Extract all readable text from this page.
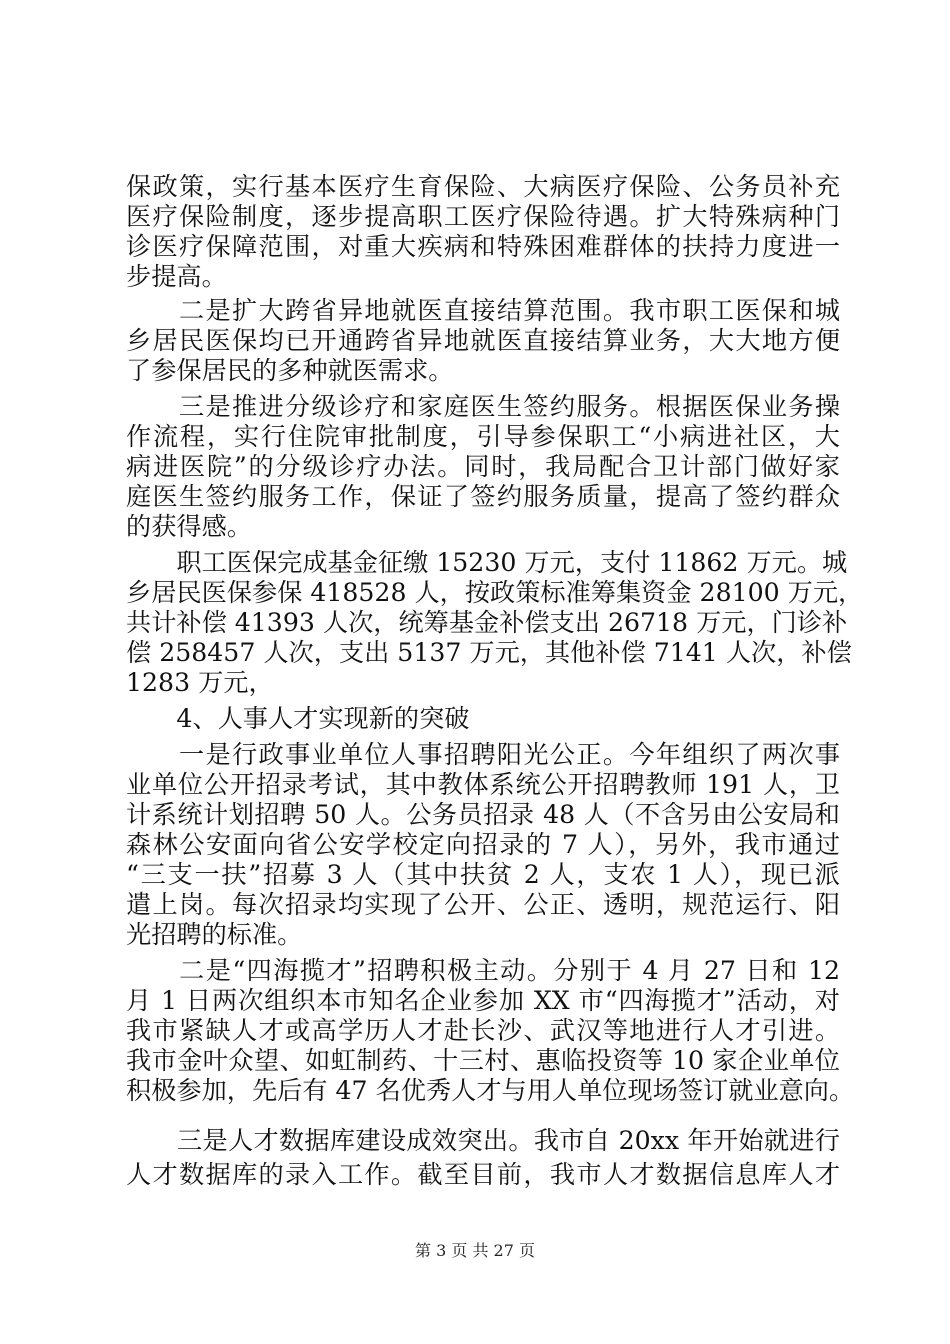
保政策，实行基本医疗生育保险、大病医疗保险、公务员补充
医疗保险制度，逐步提高职工医疗保险待遇。扩大特殊病种门
诊医疗保障范围，对重大疾病和特殊困难群体的扶持力度进一
步提高。
　　二是扩大跨省异地就医直接结算范围。我市职工医保和城
乡居民医保均已开通跨省异地就医直接结算业务，大大地方便
了参保居民的多种就医需求。
　　三是推进分级诊疗和家庭医生签约服务。根据医保业务操
作流程，实行住院审批制度，引导参保职工“小病进社区，大
病进医院”的分级诊疗办法。同时，我局配合卫计部门做好家
庭医生签约服务工作，保证了签约服务质量，提高了签约群众
的获得感。
　　职工医保完成基金征缴 15230 万元，支付 11862 万元。城
乡居民医保参保 418528 人，按政策标准筹集资金 28100 万元，
共计补偿 41393 人次，统筹基金补偿支出 26718 万元，门诊补
偿 258457 人次，支出 5137 万元，其他补偿 7141 人次，补偿
1283 万元，
　　4、人事人才实现新的突破
　　一是行政事业单位人事招聘阳光公正。今年组织了两次事
业单位公开招录考试，其中教体系统公开招聘教师 191 人，卫
计系统计划招聘 50 人。公务员招录 48 人（不含另由公安局和
森林公安面向省公安学校定向招录的 7 人），另外，我市通过
“三支一扶”招募 3 人（其中扶贫 2 人，支农 1 人），现已派
遣上岗。每次招录均实现了公开、公正、透明，规范运行、阳
光招聘的标准。
　　二是“四海揽才”招聘积极主动。分别于 4 月 27 日和 12
月 1 日两次组织本市知名企业参加 XX 市“四海揽才”活动，对
我市紧缺人才或高学历人才赴长沙、武汉等地进行人才引进。
我市金叶众望、如虹制药、十三村、惠临投资等 10 家企业单位
积极参加，先后有 47 名优秀人才与用人单位现场签订就业意向。
　　三是人才数据库建设成效突出。我市自 20xx 年开始就进行
人才数据库的录入工作。截至目前，我市人才数据信息库人才
第 3 页 共 27 页
